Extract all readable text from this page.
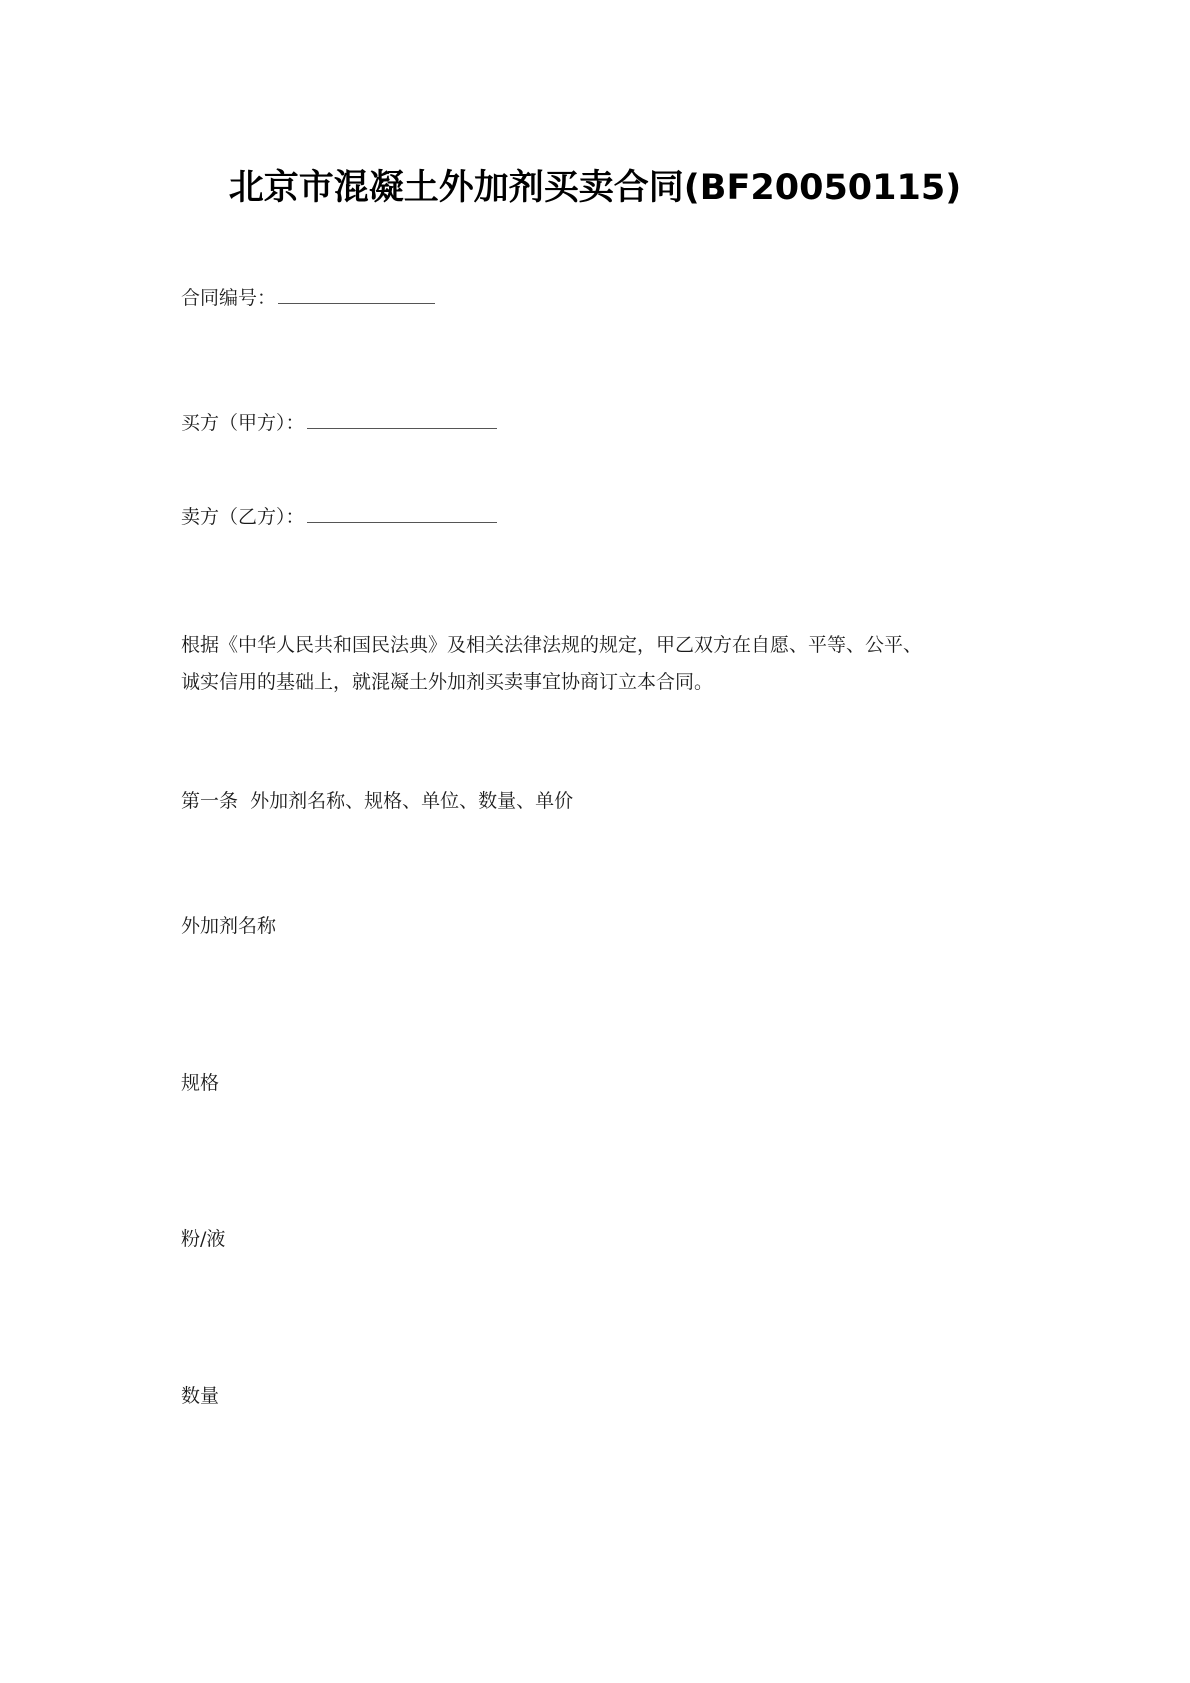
北京市混凝土外加剂买卖合同(BF20050115)
合同编号：
买方（甲方）：
卖方（乙方）：
根据《中华人民共和国民法典》及相关法律法规的规定，甲乙双方在自愿、平等、公平、
诚实信用的基础上，就混凝土外加剂买卖事宜协商订立本合同。
第一条  外加剂名称、规格、单位、数量、单价
外加剂名称
规格
粉/液
数量
